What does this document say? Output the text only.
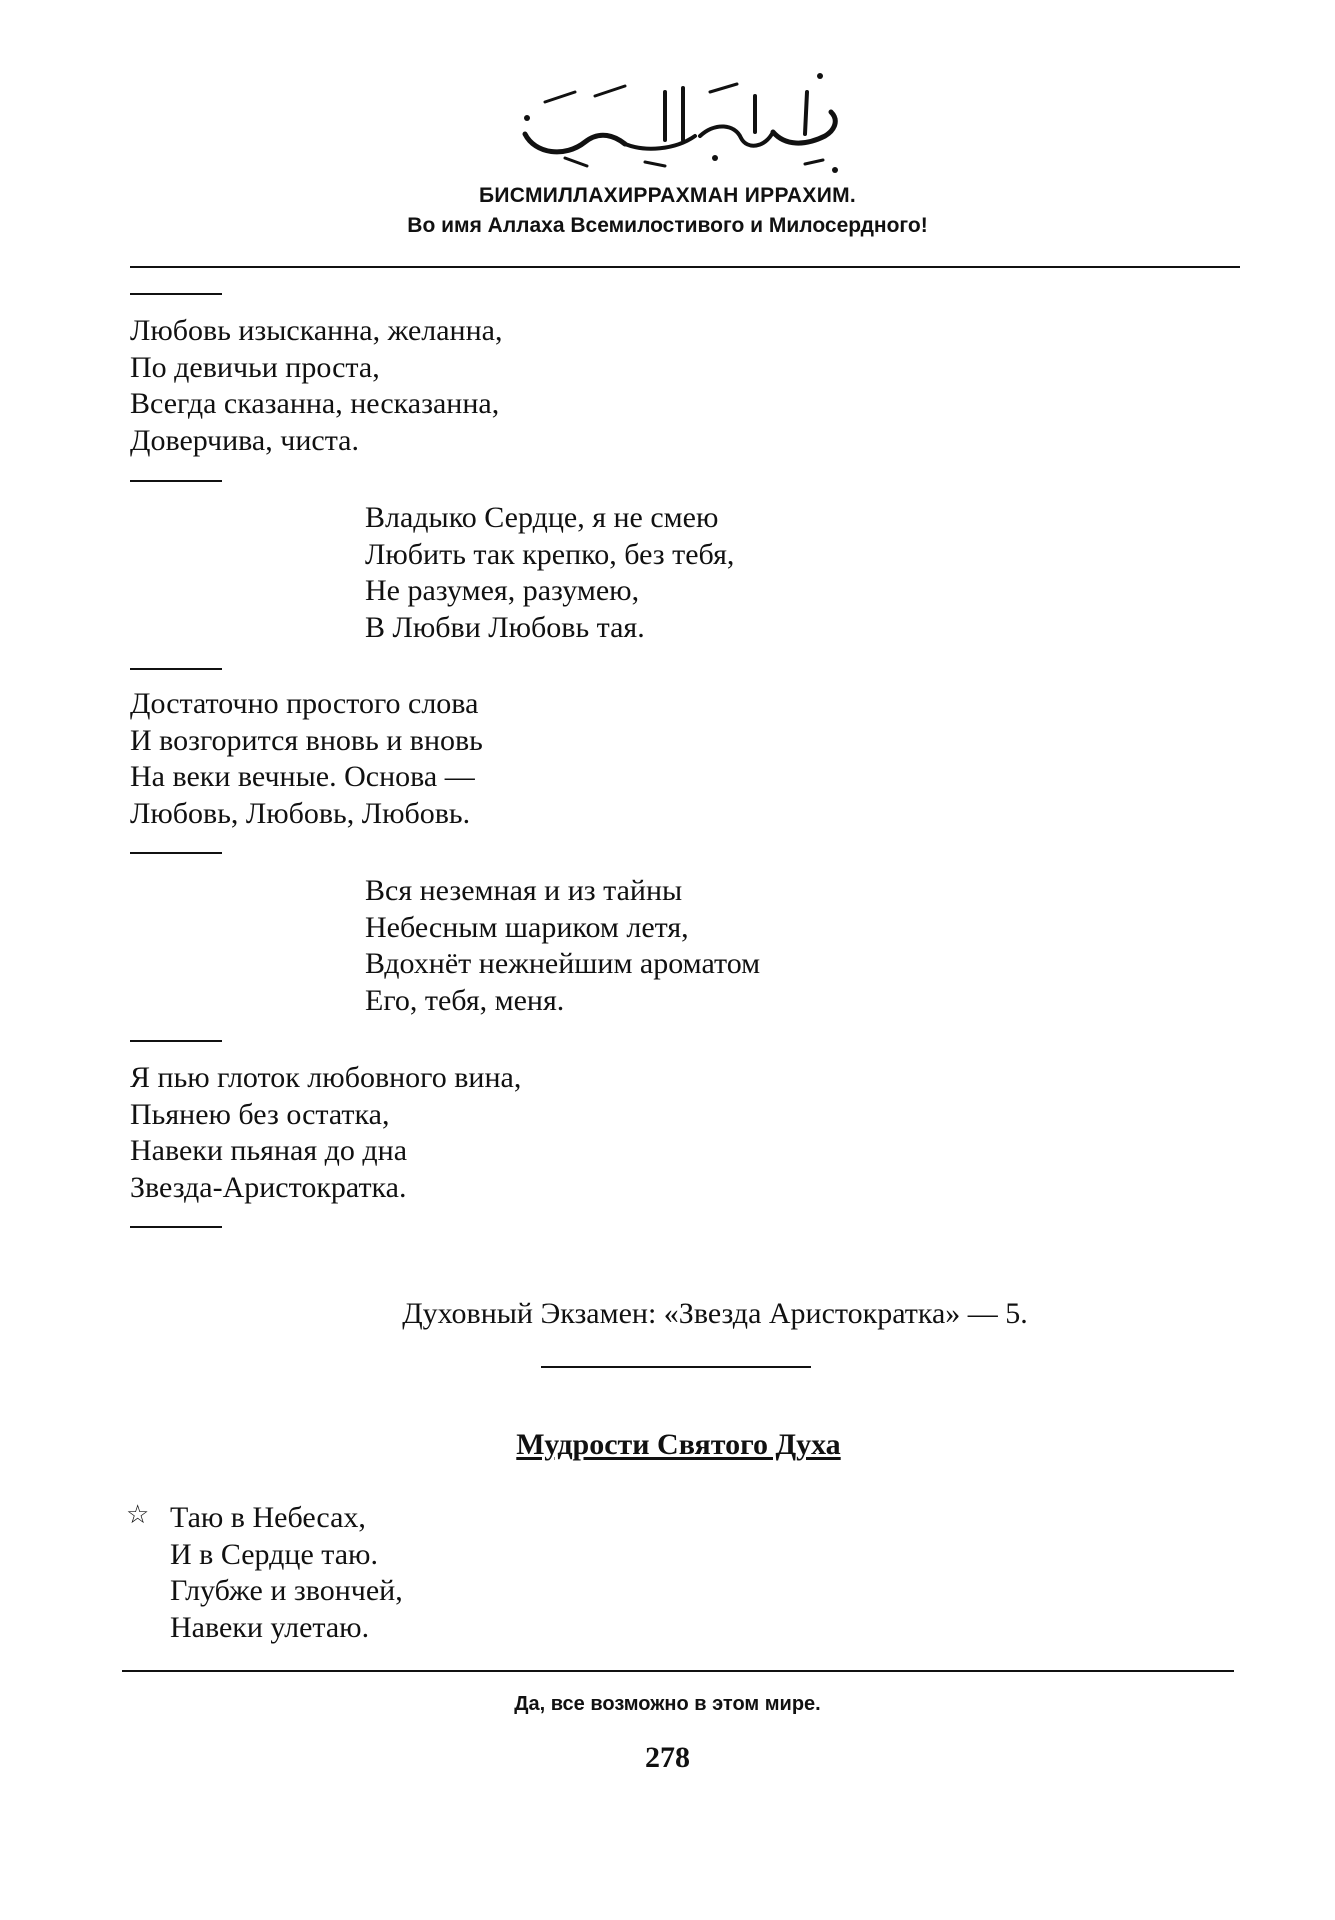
БИСМИЛЛАХИРРАХМАН ИРРАХИМ.
Во имя Аллаха Всемилостивого и Милосердного!
Любовь изысканна, желанна,
По девичьи проста,
Всегда сказанна, несказанна,
Доверчива, чиста.
Владыко Сердце, я не смею
Любить так крепко, без тебя,
Не разумея, разумею,
В Любви Любовь тая.
Достаточно простого слова
И возгорится вновь и вновь
На веки вечные. Основа —
Любовь, Любовь, Любовь.
Вся неземная и из тайны
Небесным шариком летя,
Вдохнёт нежнейшим ароматом
Его, тебя, меня.
Я пью глоток любовного вина,
Пьянею без остатка,
Навеки пьяная до дна
Звезда-Аристократка.
Духовный Экзамен: «Звезда Аристократка» — 5.
Мудрости Святого Духа
☆ Таю в Небесах,
И в Сердце таю.
Глубже и звончей,
Навеки улетаю.
Да, все возможно в этом мире.
278
